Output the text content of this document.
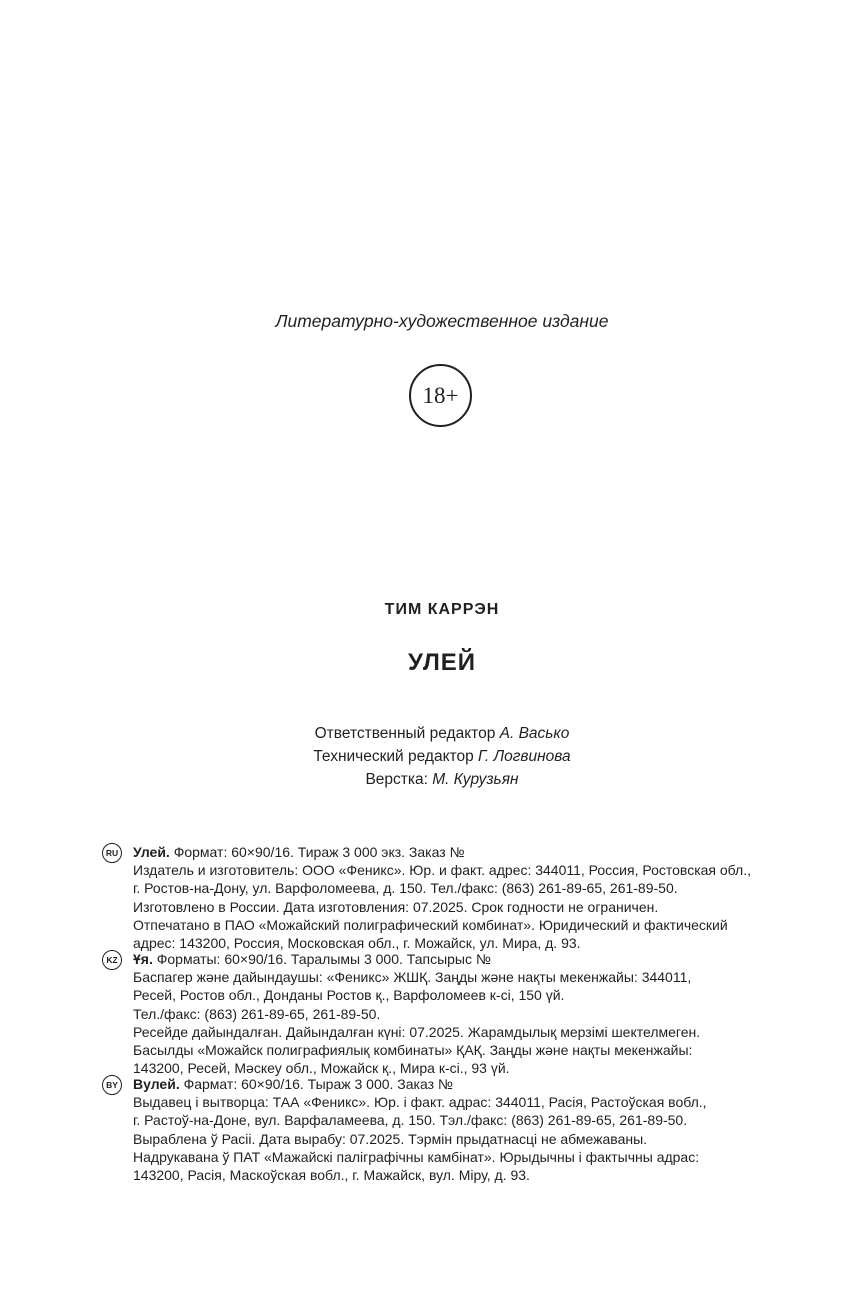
Литературно-художественное издание
18+
ТИМ КАРРЭН
УЛЕЙ
Ответственный редактор А. Васько
Технический редактор Г. Логвинова
Верстка: М. Курузьян
RU	Улей. Формат: 60×90/16. Тираж 3 000 экз. Заказ №
Издатель и изготовитель: ООО «Феникс». Юр. и факт. адрес: 344011, Россия, Ростовская обл.,
г. Ростов-на-Дону, ул. Варфоломеева, д. 150. Тел./факс: (863) 261-89-65, 261-89-50.
Изготовлено в России. Дата изготовления: 07.2025. Срок годности не ограничен.
Отпечатано в ПАО «Можайский полиграфический комбинат». Юридический и фактический
адрес: 143200, Россия, Московская обл., г. Можайск, ул. Мира, д. 93.
KZ	Ұя. Форматы: 60×90/16. Таралымы 3 000. Тапсырыс №
Баспагер және дайындаушы: «Феникс» ЖШҚ. Заңды және нақты мекенжайы: 344011,
Ресей, Ростов обл., Донданы Ростов қ., Варфоломеев к-сі, 150 үй.
Тел./факс: (863) 261-89-65, 261-89-50.
Ресейде дайындалған. Дайындалған күні: 07.2025. Жарамдылық мерзімі шектелмеген.
Басылды «Можайск полиграфиялық комбинаты» ҚАҚ. Заңды және нақты мекенжайы:
143200, Ресей, Мәскеу обл., Можайск қ., Мира к-сі., 93 үй.
BY	Вулей. Фармат: 60×90/16. Тыраж 3 000. Заказ №
Выдавец і вытворца: ТАА «Феникс». Юр. і факт. адрас: 344011, Расія, Растоўская вобл.,
г. Растоў-на-Доне, вул. Варфаламеева, д. 150. Тэл./факс: (863) 261-89-65, 261-89-50.
Выраблена ў Расіі. Дата вырабу: 07.2025. Тэрмін прыдатнасці не абмежаваны.
Надрукавана ў ПАТ «Мажайскі паліграфічны камбінат». Юрыдычны і фактычны адрас:
143200, Расія, Маскоўская вобл., г. Мажайск, вул. Міру, д. 93.
